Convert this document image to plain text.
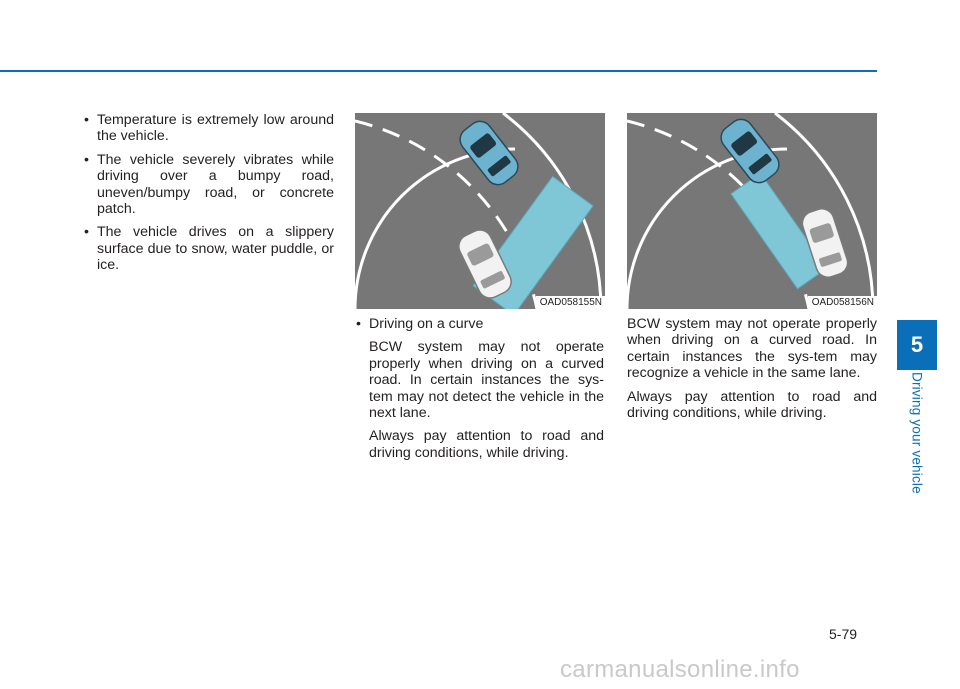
• Temperature is extremely low around the vehicle.
• The vehicle severely vibrates while driving over a bumpy road, uneven/bumpy road, or concrete patch.
• The vehicle drives on a slippery surface due to snow, water puddle, or ice.
OAD058155N	OAD058156N
• Driving on a curve

BCW system may not operate properly when driving on a curved road. In certain instances the sys-tem may not detect the vehicle in the next lane.

Always pay attention to road and driving conditions, while driving.

BCW system may not operate properly when driving on a curved road. In certain instances the sys-tem may recognize a vehicle in the same lane.

Always pay attention to road and driving conditions, while driving.

5
Driving your vehicle
5-79
carmanualsonline.info
